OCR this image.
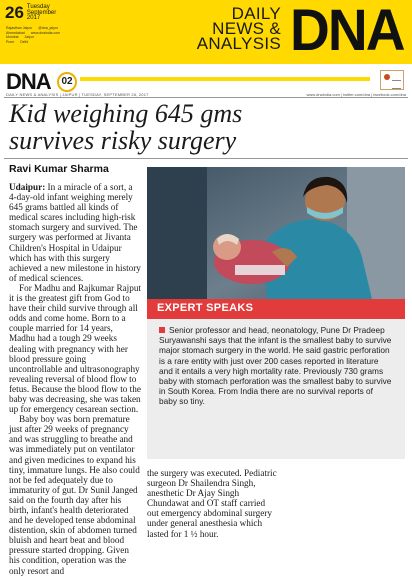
26 Tuesday
September
2017
Rajasthan Jaipur @dna_jaipur
Ahmedabad www.dnaindia.com
Mumbai Jaipur
Pune Delhi
DAILY
NEWS &
ANALYSIS DNA
DNA	02
DAILY NEWS & ANALYSIS | JAIPUR | TUESDAY, SEPTEMBER 26, 2017	www.dnaindia.com | twitter.com/dna | facebook.com/dna
Kid weighing 645 gms
survives risky surgery
Ravi Kumar Sharma

Udaipur: In a miracle of a sort, a 4-day-old infant weighing merely 645 grams battled all kinds of medical scares including high-risk stomach surgery and survived. The surgery was performed at Jivanta Children's Hospital in Udaipur which has with this surgery achieved a new milestone in history of medical sciences.

For Madhu and Rajkumar Rajput it is the greatest gift from God to have their child survive through all odds and come home. Born to a couple married for 14 years, Madhu had a tough 29 weeks dealing with pregnancy with her blood pressure going uncontrollable and ultrasonography revealing reversal of blood flow to fetus. Because the blood flow to the baby was decreasing, she was taken up for emergency cesarean section.

Baby boy was born premature just after 29 weeks of pregnancy and was struggling to breathe and was immediately put on ventilator and given medicines to expand his tiny, immature lungs. He also could not be fed adequately due to immaturity of gut. Dr Sunil Janged said on the fourth day after his birth, infant's health deteriorated and he developed tense abdominal distention, skin of abdomen turned bluish and heart beat and blood pressure started dropping. Given his condition, operation was the only resort and

EXPERT SPEAKS
Senior professor and head, neonatology, Pune Dr Pradeep Suryawanshi says that the infant is the smallest baby to survive major stomach surgery in the world. He said gastric perforation is a rare entity with just over 200 cases reported in literature and it entails a very high mortality rate. Previously 730 grams baby with stomach perforation was the smallest baby to survive in South Korea. From India there are no survival reports of baby so tiny.

the surgery was executed. Pediatric surgeon Dr Shailendra Singh, anesthetic Dr Ajay Singh Chundawat and OT staff carried out emergency abdominal surgery under general anesthesia which lasted for 1 ½ hour.
